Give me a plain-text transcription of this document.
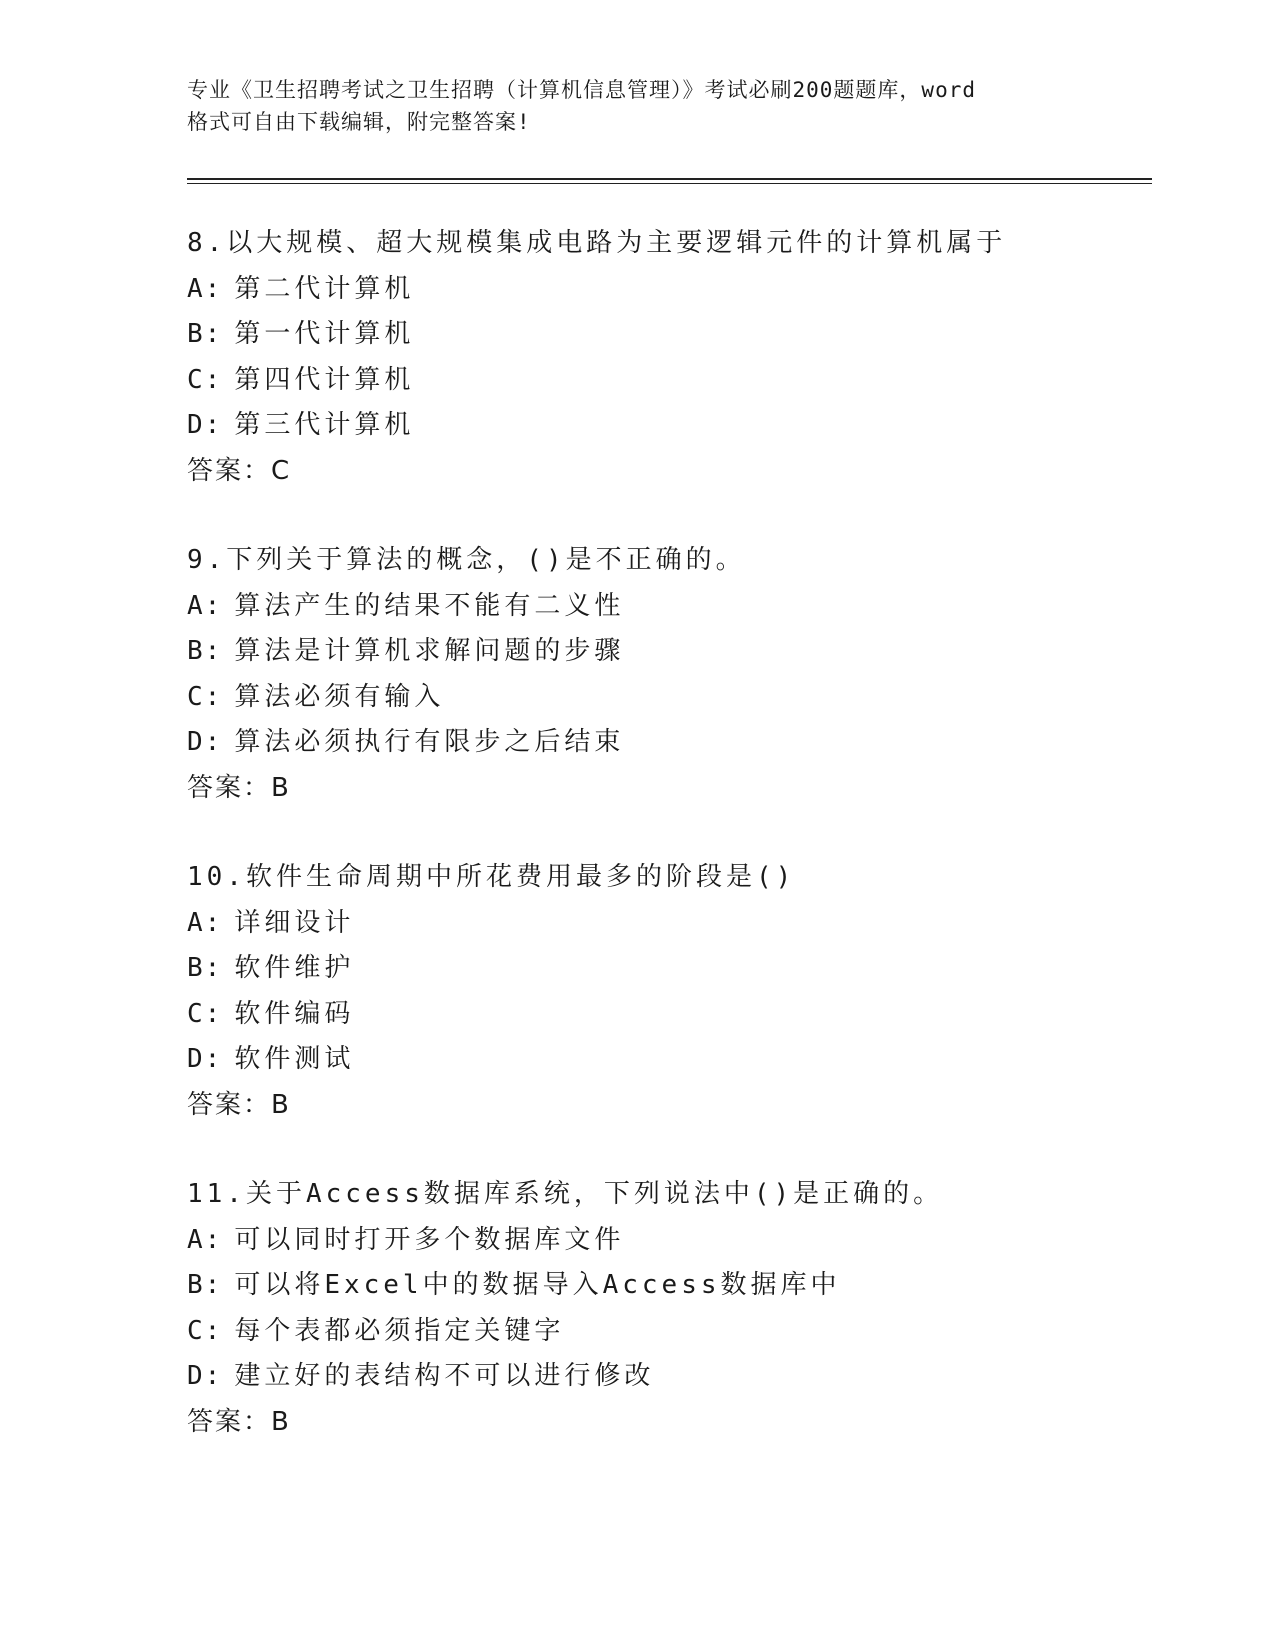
专业《卫生招聘考试之卫生招聘（计算机信息管理）》考试必刷200题题库，word
格式可自由下载编辑，附完整答案!
8.以大规模、超大规模集成电路为主要逻辑元件的计算机属于
A: 第二代计算机
B: 第一代计算机
C: 第四代计算机
D: 第三代计算机
答案：C
9.下列关于算法的概念，()是不正确的。
A: 算法产生的结果不能有二义性
B: 算法是计算机求解问题的步骤
C: 算法必须有输入
D: 算法必须执行有限步之后结束
答案：B
10.软件生命周期中所花费用最多的阶段是()
A: 详细设计
B: 软件维护
C: 软件编码
D: 软件测试
答案：B
11.关于Access数据库系统，下列说法中()是正确的。
A: 可以同时打开多个数据库文件
B: 可以将Excel中的数据导入Access数据库中
C: 每个表都必须指定关键字
D: 建立好的表结构不可以进行修改
答案：B
